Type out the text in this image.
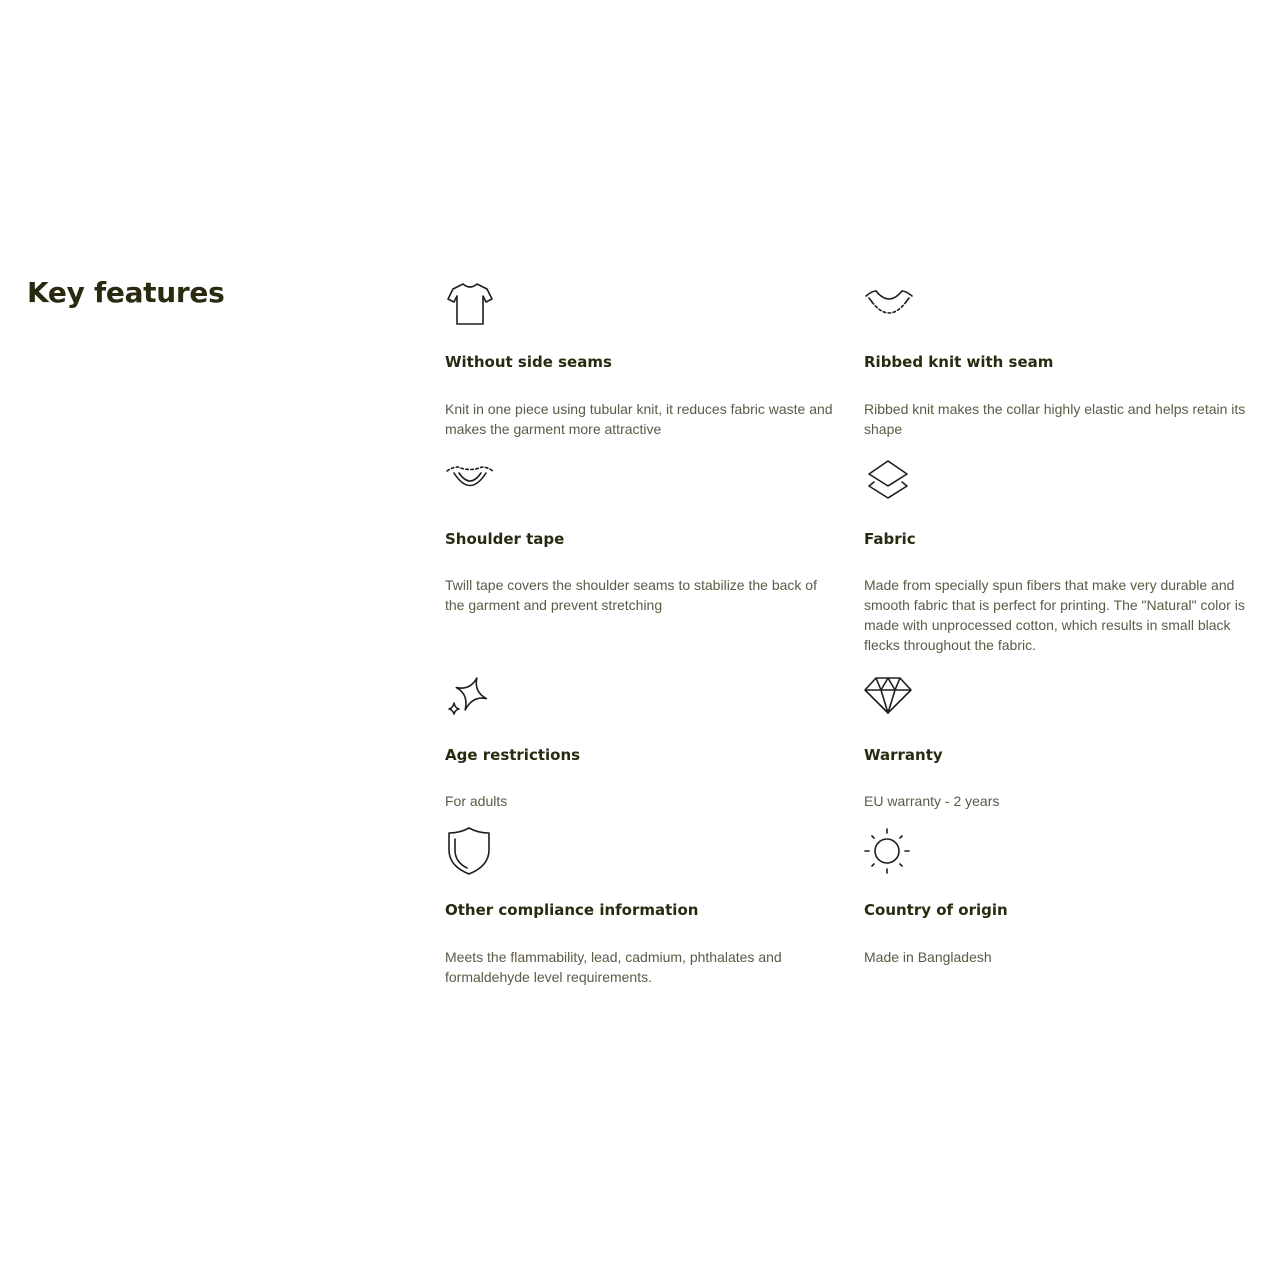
Key features
Without side seams

Knit in one piece using tubular knit, it reduces fabric waste and makes the garment more attractive

Ribbed knit with seam

Ribbed knit makes the collar highly elastic and helps retain its shape

Shoulder tape

Twill tape covers the shoulder seams to stabilize the back of the garment and prevent stretching

Fabric

Made from specially spun fibers that make very durable and smooth fabric that is perfect for printing. The "Natural" color is made with unprocessed cotton, which results in small black flecks throughout the fabric.

Age restrictions

For adults

Warranty

EU warranty - 2 years

Other compliance information

Meets the flammability, lead, cadmium, phthalates and formaldehyde level requirements.

Country of origin

Made in Bangladesh
